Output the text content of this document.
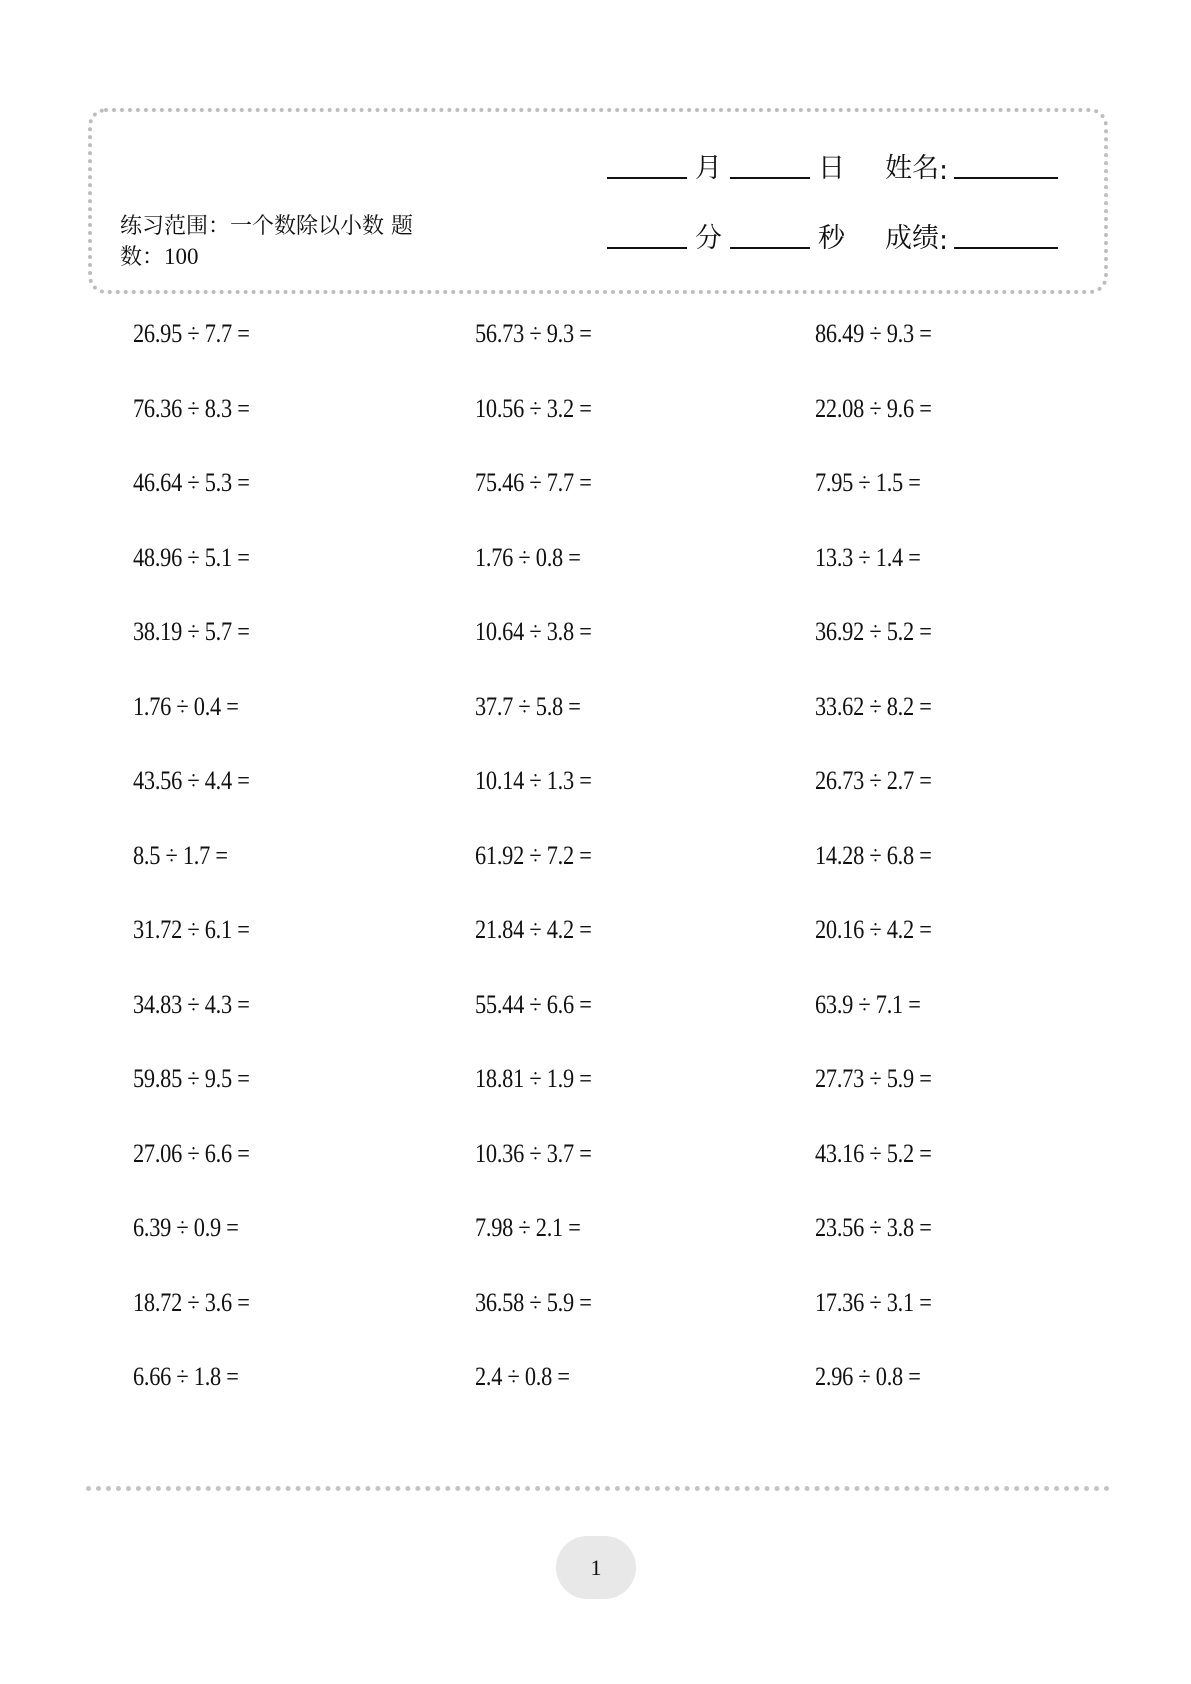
练习范围：一个数除以小数 题
数：100
月	日	姓名 :
分	秒	成绩 :
26.95 ÷ 7.7 =	56.73 ÷ 9.3 =	86.49 ÷ 9.3 =
76.36 ÷ 8.3 =	10.56 ÷ 3.2 =	22.08 ÷ 9.6 =
46.64 ÷ 5.3 =	75.46 ÷ 7.7 =	7.95 ÷ 1.5 =
48.96 ÷ 5.1 =	1.76 ÷ 0.8 =	13.3 ÷ 1.4 =
38.19 ÷ 5.7 =	10.64 ÷ 3.8 =	36.92 ÷ 5.2 =
1.76 ÷ 0.4 =	37.7 ÷ 5.8 =	33.62 ÷ 8.2 =
43.56 ÷ 4.4 =	10.14 ÷ 1.3 =	26.73 ÷ 2.7 =
8.5 ÷ 1.7 =	61.92 ÷ 7.2 =	14.28 ÷ 6.8 =
31.72 ÷ 6.1 =	21.84 ÷ 4.2 =	20.16 ÷ 4.2 =
34.83 ÷ 4.3 =	55.44 ÷ 6.6 =	63.9 ÷ 7.1 =
59.85 ÷ 9.5 =	18.81 ÷ 1.9 =	27.73 ÷ 5.9 =
27.06 ÷ 6.6 =	10.36 ÷ 3.7 =	43.16 ÷ 5.2 =
6.39 ÷ 0.9 =	7.98 ÷ 2.1 =	23.56 ÷ 3.8 =
18.72 ÷ 3.6 =	36.58 ÷ 5.9 =	17.36 ÷ 3.1 =
6.66 ÷ 1.8 =	2.4 ÷ 0.8 =	2.96 ÷ 0.8 =
1
